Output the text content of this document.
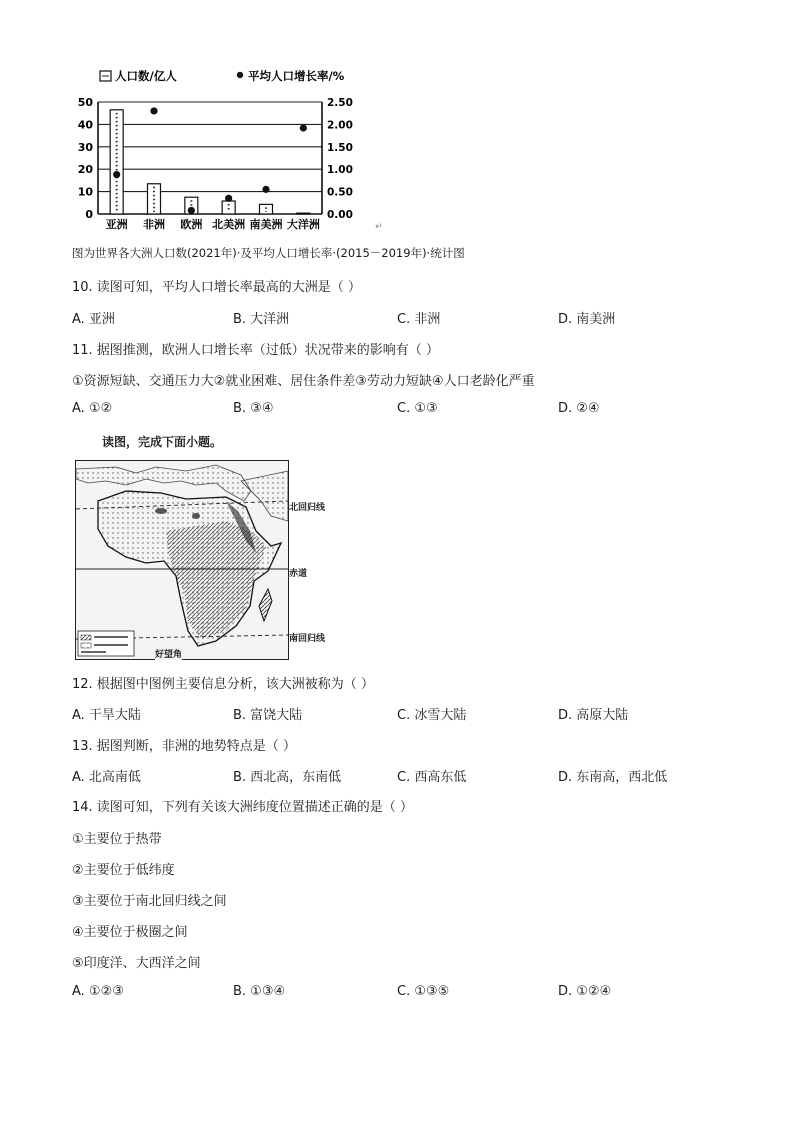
人口数/亿人	平均人口增长率/%
0
10
20
30
40
50
0.00
0.50
1.00
1.50
2.00
2.50
亚洲 非洲 欧洲 北美洲 南美洲 大洋洲
图为世界各大洲人口数(2021年)·及平均人口增长率·(2015－2019年)·统计图
↵
10. 读图可知，平均人口增长率最高的大洲是（ ）
A. 亚洲	B. 大洋洲	C. 非洲	D. 南美洲
11. 据图推测，欧洲人口增长率（过低）状况带来的影响有（ ）
①资源短缺、交通压力大②就业困难、居住条件差③劳动力短缺④人口老龄化严重
A. ①②	B. ③④	C. ①③	D. ②④
读图，完成下面小题。
北回归线
赤道
南回归线
好望角
12. 根据图中图例主要信息分析，该大洲被称为（ ）
A. 干旱大陆	B. 富饶大陆	C. 冰雪大陆	D. 高原大陆
13. 据图判断，非洲的地势特点是（ ）
A. 北高南低	B. 西北高，东南低	C. 西高东低	D. 东南高，西北低
14. 读图可知，下列有关该大洲纬度位置描述正确的是（ ）
①主要位于热带
②主要位于低纬度
③主要位于南北回归线之间
④主要位于极圈之间
⑤印度洋、大西洋之间
A. ①②③	B. ①③④	C. ①③⑤	D. ①②④
